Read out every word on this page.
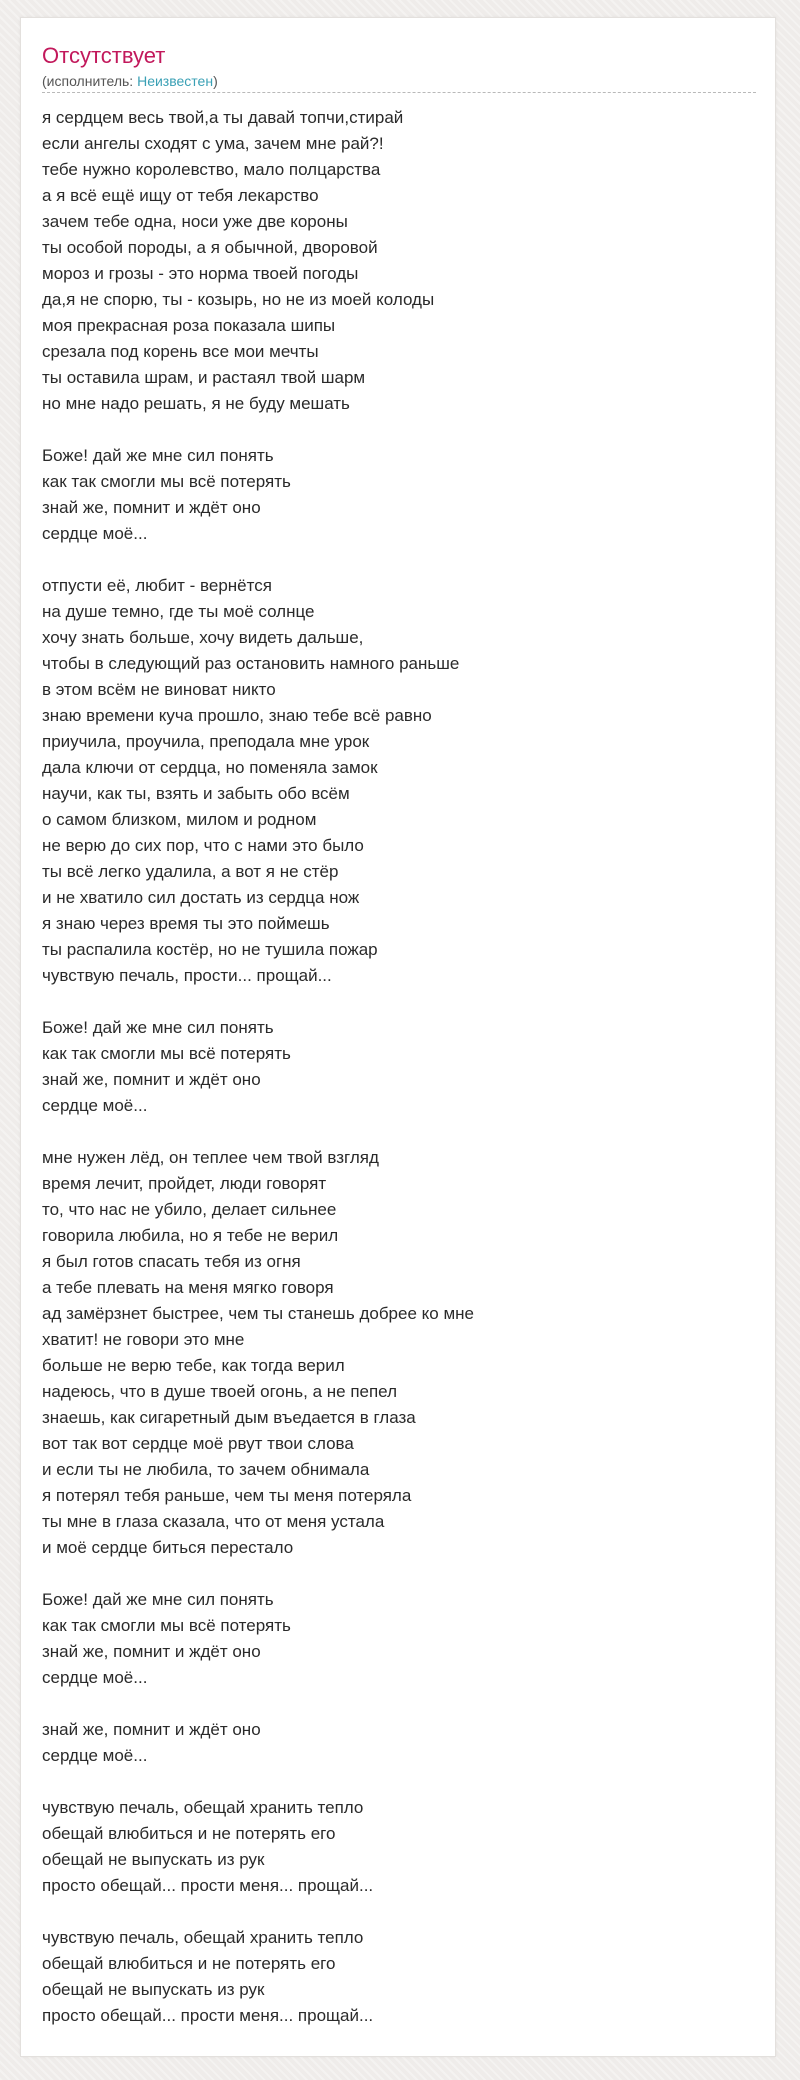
Отсутствует
(исполнитель: Неизвестен)
я сердцем весь твой,а ты давай топчи,стирай
если ангелы сходят с ума, зачем мне рай?!
тебе нужно королевство, мало полцарства
а я всё ещё ищу от тебя лекарство
зачем тебе одна, носи уже две короны
ты особой породы, а я обычной, дворовой
мороз и грозы - это норма твоей погоды
да,я не спорю, ты - козырь, но не из моей колоды
моя прекрасная роза показала шипы
срезала под корень все мои мечты
ты оставила шрам, и растаял твой шарм
но мне надо решать, я не буду мешать
Боже! дай же мне сил понять
как так смогли мы всё потерять
знай же, помнит и ждёт оно
сердце моё...
отпусти её, любит - вернётся
на душе темно, где ты моё солнце
хочу знать больше, хочу видеть дальше,
чтобы в следующий раз остановить намного раньше
в этом всём не виноват никто
знаю времени куча прошло, знаю тебе всё равно
приучила, проучила, преподала мне урок
дала ключи от сердца, но поменяла замок
научи, как ты, взять и забыть обо всём
о самом близком, милом и родном
не верю до сих пор, что с нами это было
ты всё легко удалила, а вот я не стёр
и не хватило сил достать из сердца нож
я знаю через время ты это поймешь
ты распалила костёр, но не тушила пожар
чувствую печаль, прости... прощай...
Боже! дай же мне сил понять
как так смогли мы всё потерять
знай же, помнит и ждёт оно
сердце моё...
мне нужен лёд, он теплее чем твой взгляд
время лечит, пройдет, люди говорят
то, что нас не убило, делает сильнее
говорила любила, но я тебе не верил
я был готов спасать тебя из огня
а тебе плевать на меня мягко говоря
ад замёрзнет быстрее, чем ты станешь добрее ко мне
хватит! не говори это мне
больше не верю тебе, как тогда верил
надеюсь, что в душе твоей огонь, а не пепел
знаешь, как сигаретный дым въедается в глаза
вот так вот сердце моё рвут твои слова
и если ты не любила, то зачем обнимала
я потерял тебя раньше, чем ты меня потеряла
ты мне в глаза сказала, что от меня устала
и моё сердце биться перестало
Боже! дай же мне сил понять
как так смогли мы всё потерять
знай же, помнит и ждёт оно
сердце моё...
знай же, помнит и ждёт оно
сердце моё...
чувствую печаль, обещай хранить тепло
обещай влюбиться и не потерять его
обещай не выпускать из рук
просто обещай... прости меня... прощай...
чувствую печаль, обещай хранить тепло
обещай влюбиться и не потерять его
обещай не выпускать из рук
просто обещай... прости меня... прощай...
